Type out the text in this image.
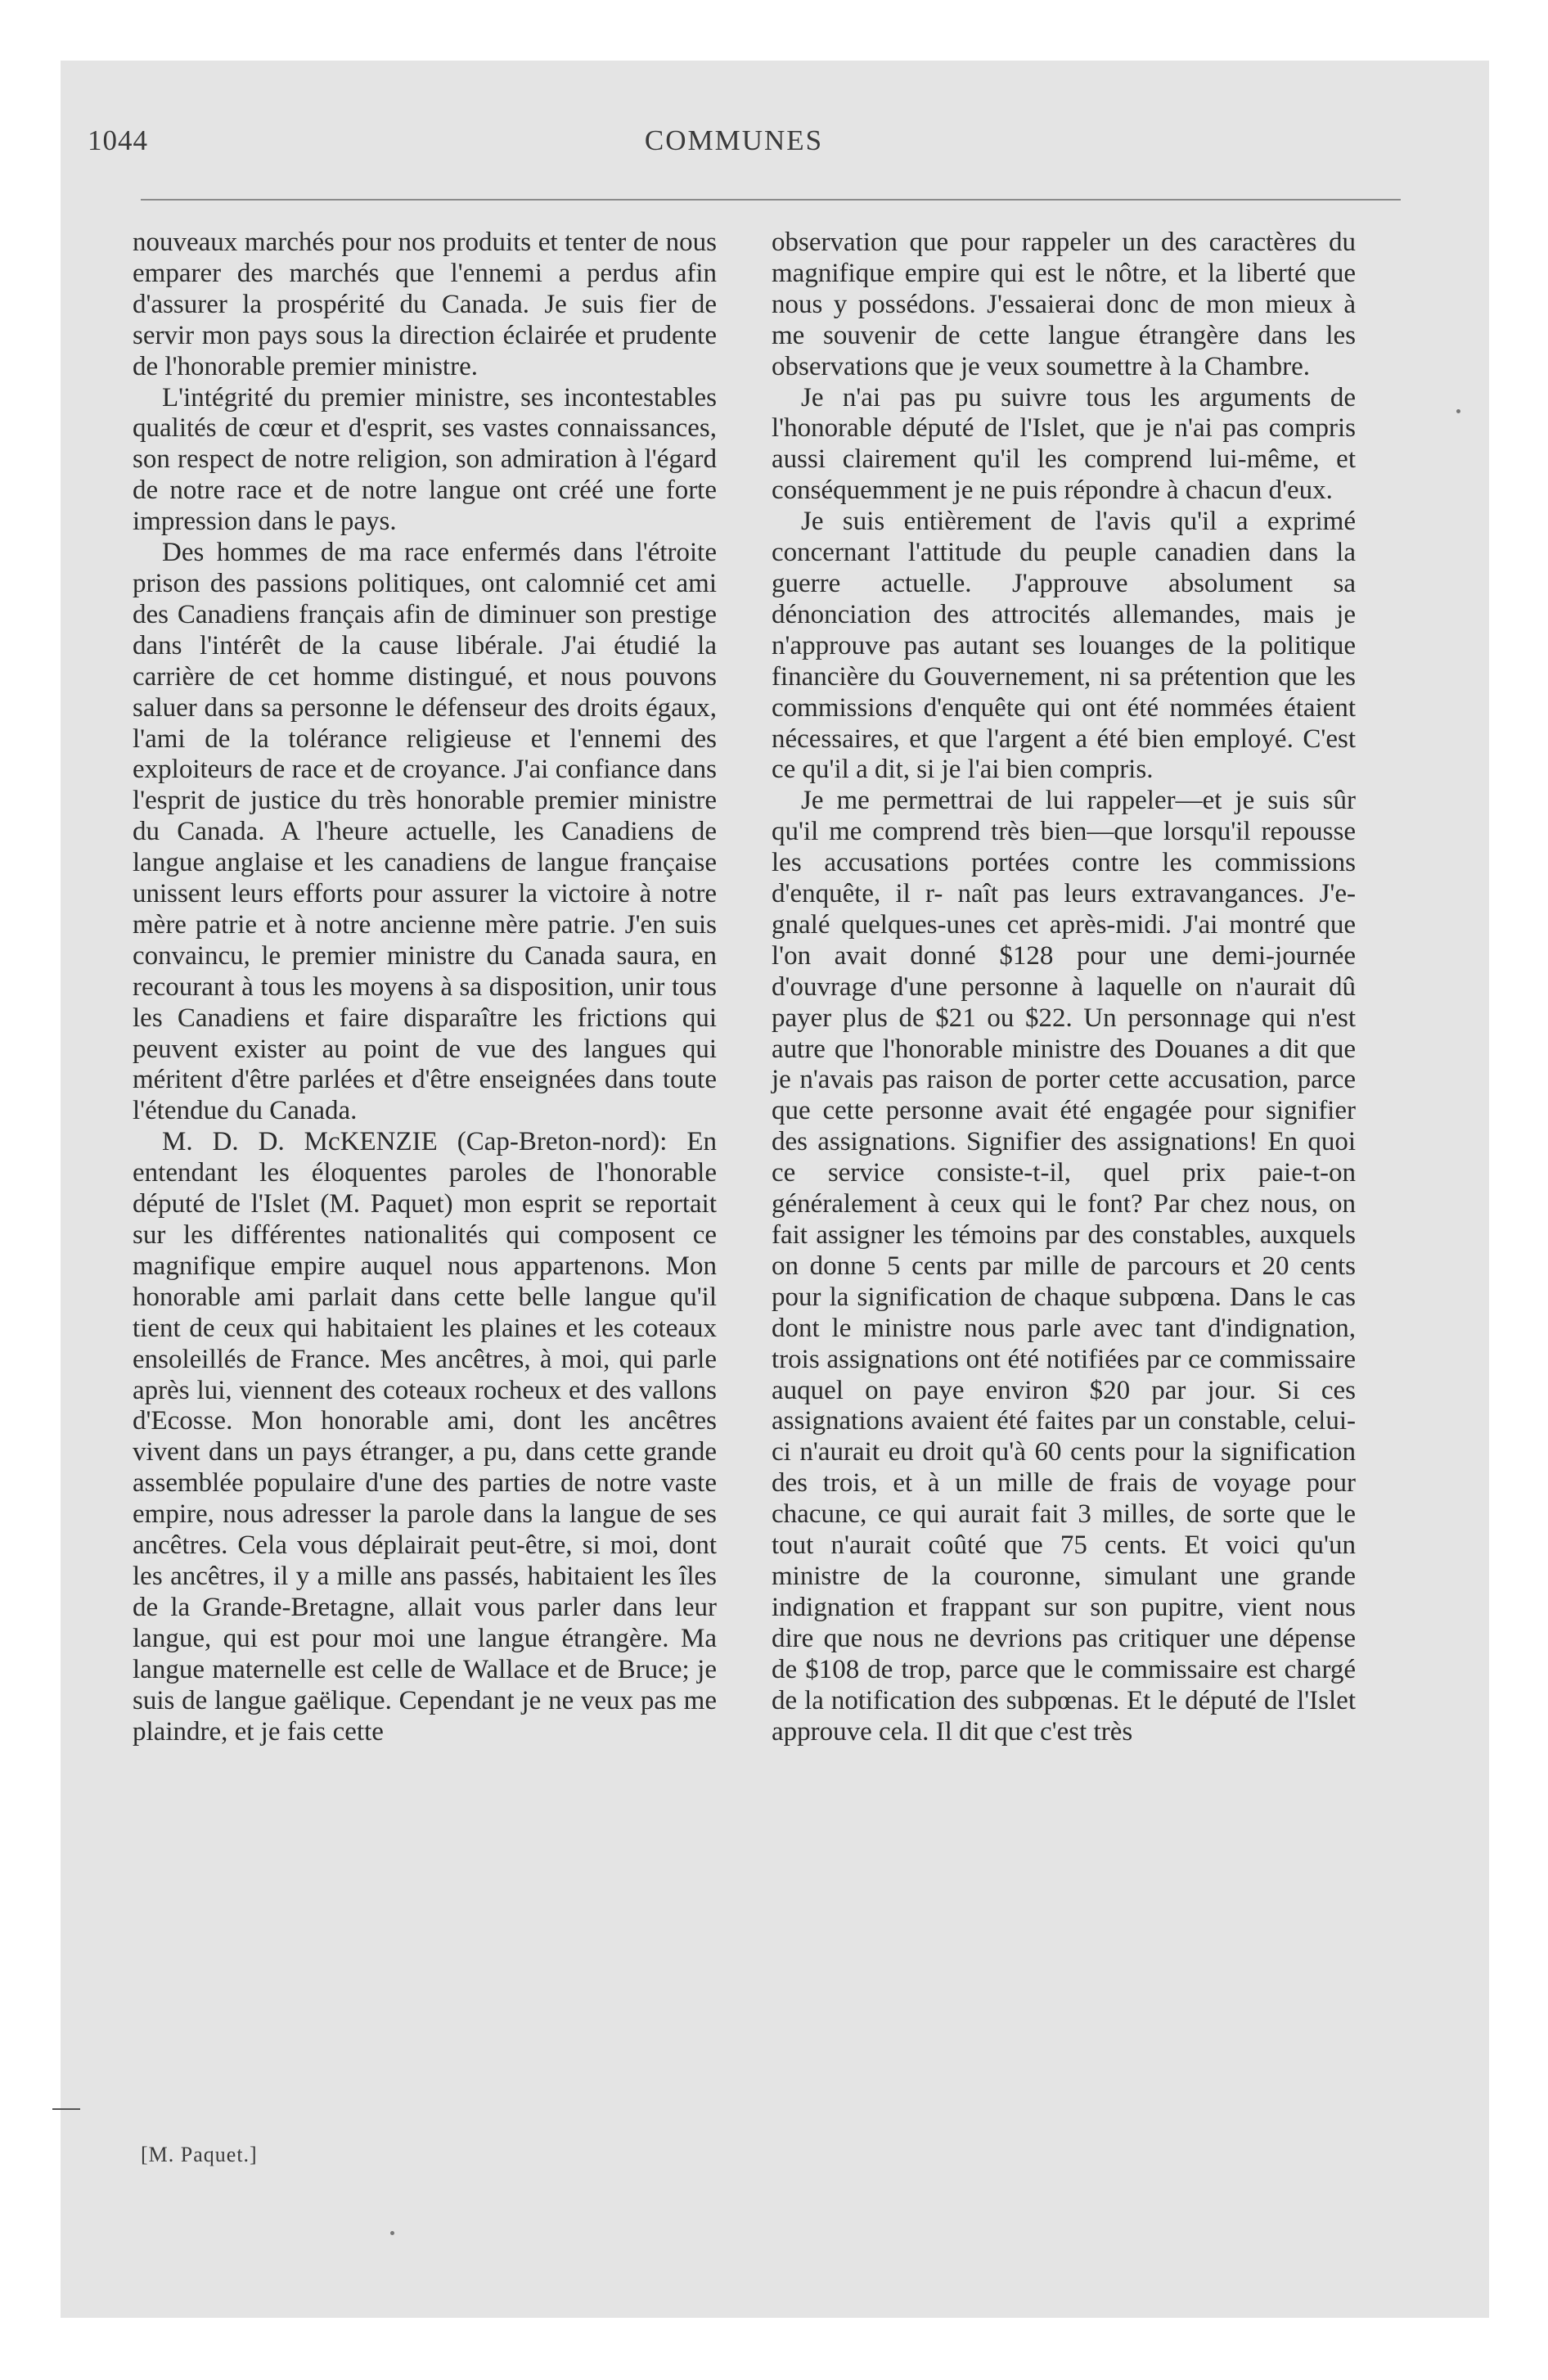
1044	COMMUNES

nouveaux marchés pour nos produits et tenter de nous emparer des marchés que l'ennemi a perdus afin d'assurer la prospérité du Canada. Je suis fier de servir mon pays sous la direction éclairée et prudente de l'honorable premier ministre.

L'intégrité du premier ministre, ses incontestables qualités de cœur et d'esprit, ses vastes connaissances, son respect de notre religion, son admiration à l'égard de notre race et de notre langue ont créé une forte impression dans le pays.

Des hommes de ma race enfermés dans l'étroite prison des passions politiques, ont calomnié cet ami des Canadiens français afin de diminuer son prestige dans l'intérêt de la cause libérale. J'ai étudié la carrière de cet homme distingué, et nous pouvons saluer dans sa personne le défenseur des droits égaux, l'ami de la tolérance religieuse et l'ennemi des exploiteurs de race et de croyance. J'ai confiance dans l'esprit de justice du très honorable premier ministre du Canada. A l'heure actuelle, les Canadiens de langue anglaise et les canadiens de langue française unissent leurs efforts pour assurer la victoire à notre mère patrie et à notre ancienne mère patrie. J'en suis convaincu, le premier ministre du Canada saura, en recourant à tous les moyens à sa disposition, unir tous les Canadiens et faire disparaître les frictions qui peuvent exister au point de vue des langues qui méritent d'être parlées et d'être enseignées dans toute l'étendue du Canada.

M. D. D. McKENZIE (Cap-Breton-nord): En entendant les éloquentes paroles de l'honorable député de l'Islet (M. Paquet) mon esprit se reportait sur les différentes nationalités qui composent ce magnifique empire auquel nous appartenons. Mon honorable ami parlait dans cette belle langue qu'il tient de ceux qui habitaient les plaines et les coteaux ensoleillés de France. Mes ancêtres, à moi, qui parle après lui, viennent des coteaux rocheux et des vallons d'Ecosse. Mon honorable ami, dont les ancêtres vivent dans un pays étranger, a pu, dans cette grande assemblée populaire d'une des parties de notre vaste empire, nous adresser la parole dans la langue de ses ancêtres. Cela vous déplairait peut-être, si moi, dont les ancêtres, il y a mille ans passés, habitaient les îles de la Grande-Bretagne, allait vous parler dans leur langue, qui est pour moi une langue étrangère. Ma langue maternelle est celle de Wallace et de Bruce; je suis de langue gaëlique. Cependant je ne veux pas me plaindre, et je fais cette

observation que pour rappeler un des caractères du magnifique empire qui est le nôtre, et la liberté que nous y possédons. J'essaierai donc de mon mieux à me souvenir de cette langue étrangère dans les observations que je veux soumettre à la Chambre.

Je n'ai pas pu suivre tous les arguments de l'honorable député de l'Islet, que je n'ai pas compris aussi clairement qu'il les comprend lui-même, et conséquemment je ne puis répondre à chacun d'eux.

Je suis entièrement de l'avis qu'il a exprimé concernant l'attitude du peuple canadien dans la guerre actuelle. J'approuve absolument sa dénonciation des attrocités allemandes, mais je n'approuve pas autant ses louanges de la politique financière du Gouvernement, ni sa prétention que les commissions d'enquête qui ont été nommées étaient nécessaires, et que l'argent a été bien employé. C'est ce qu'il a dit, si je l'ai bien compris.

Je me permettrai de lui rappeler—et je suis sûr qu'il me comprend très bien—que lorsqu'il repousse les accusations portées contre les commissions d'enquête, il r- naît pas leurs extravangances. J'e- gnalé quelques-unes cet après-midi. J'ai montré que l'on avait donné $128 pour une demi-journée d'ouvrage d'une personne à laquelle on n'aurait dû payer plus de $21 ou $22. Un personnage qui n'est autre que l'honorable ministre des Douanes a dit que je n'avais pas raison de porter cette accusation, parce que cette personne avait été engagée pour signifier des assignations. Signifier des assignations! En quoi ce service consiste-t-il, quel prix paie-t-on généralement à ceux qui le font? Par chez nous, on fait assigner les témoins par des constables, auxquels on donne 5 cents par mille de parcours et 20 cents pour la signification de chaque subpœna. Dans le cas dont le ministre nous parle avec tant d'indignation, trois assignations ont été notifiées par ce commissaire auquel on paye environ $20 par jour. Si ces assignations avaient été faites par un constable, celui-ci n'aurait eu droit qu'à 60 cents pour la signification des trois, et à un mille de frais de voyage pour chacune, ce qui aurait fait 3 milles, de sorte que le tout n'aurait coûté que 75 cents. Et voici qu'un ministre de la couronne, simulant une grande indignation et frappant sur son pupitre, vient nous dire que nous ne devrions pas critiquer une dépense de $108 de trop, parce que le commissaire est chargé de la notification des subpœnas. Et le député de l'Islet approuve cela. Il dit que c'est très

[M. Paquet.]
